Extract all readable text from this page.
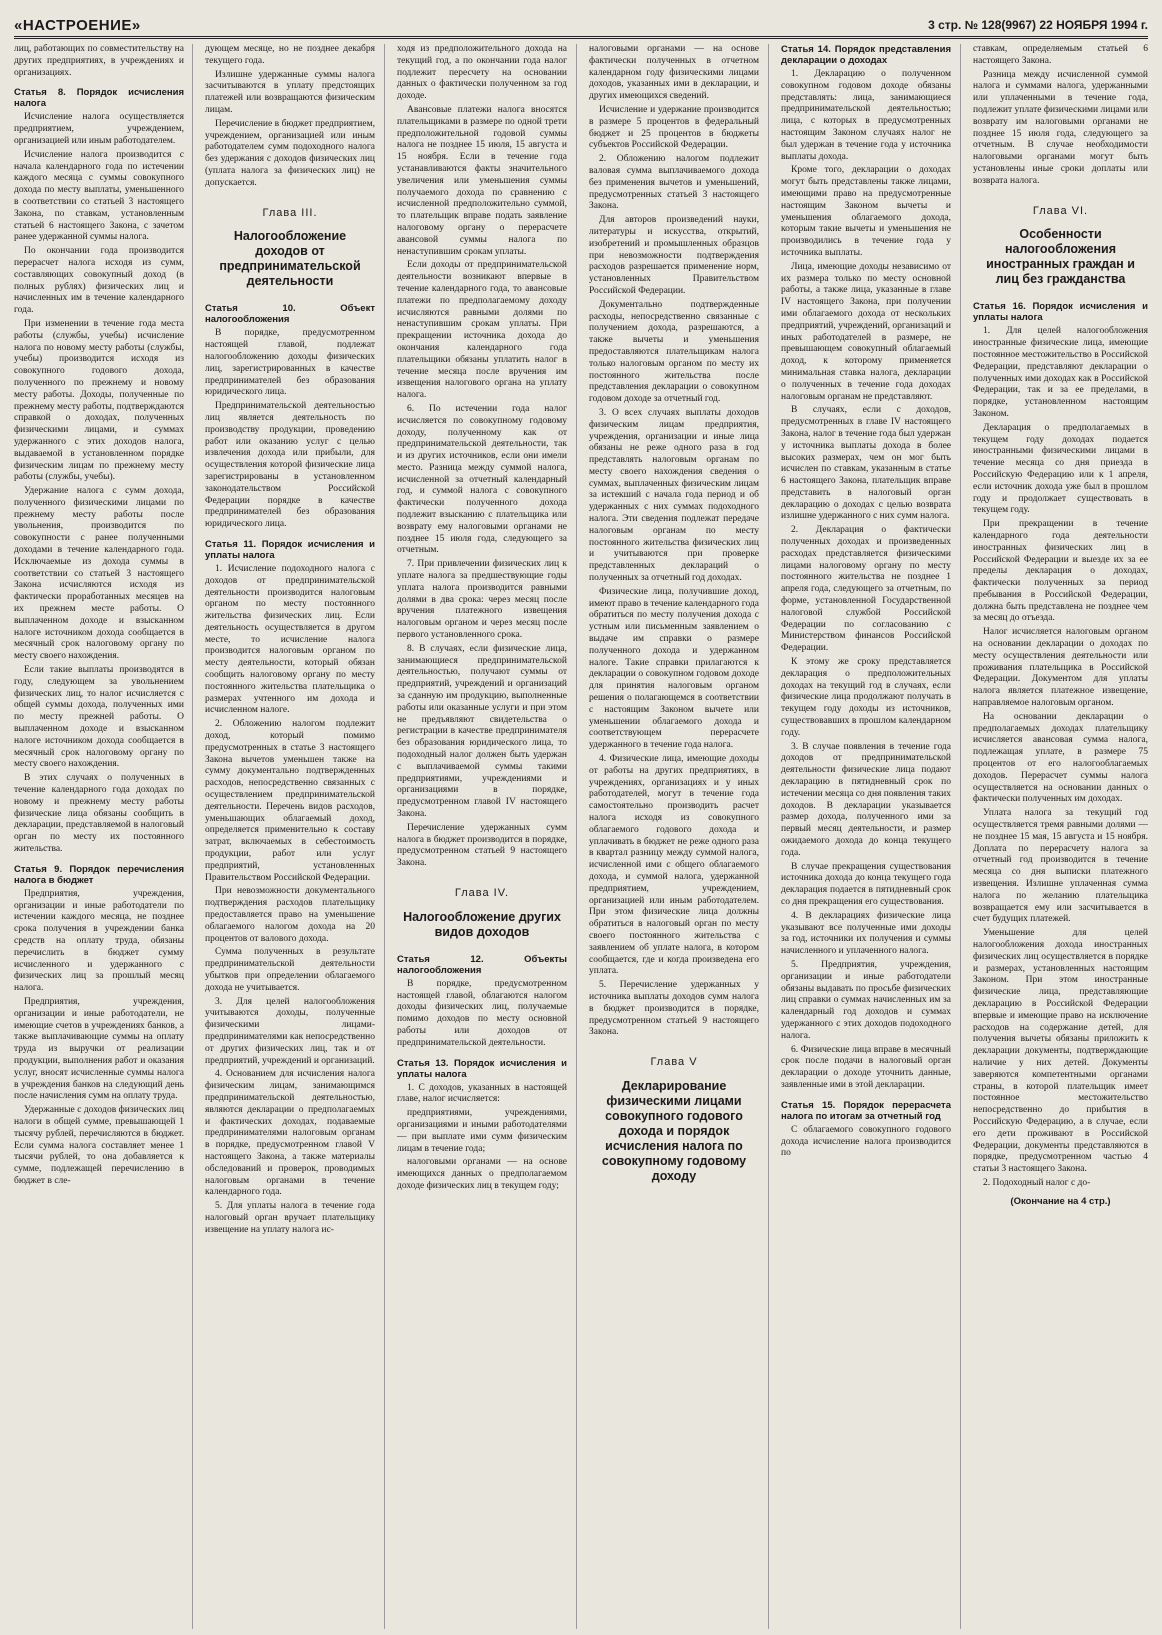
«НАСТРОЕНИЕ»	3 стр. № 128(9967) 22 НОЯБРЯ 1994 г.

лиц, работающих по совместительству на других предприятиях, в учреждениях и организациях.

Статья 8. Порядок исчисления налога

Исчисление налога осуществляется предприятием, учреждением, организацией или иным работодателем.

Исчисление налога производится с начала календарного года по истечении каждого месяца с суммы совокупного дохода по месту выплаты, уменьшенного в соответствии со статьей 3 настоящего Закона, по ставкам, установленным статьей 6 настоящего Закона, с зачетом ранее удержанной суммы налога.

По окончании года производится перерасчет налога исходя из сумм, составляющих совокупный доход (в полных рублях) физических лиц и начисленных им в течение календарного года.

При изменении в течение года места работы (службы, учебы) исчисление налога по новому месту работы (службы, учебы) производится исходя из совокупного годового дохода, полученного по прежнему и новому месту работы. Доходы, полученные по прежнему месту работы, подтверждаются справкой о доходах, полученных физическими лицами, и суммах удержанного с этих доходов налога, выдаваемой в установленном порядке физическим лицам по прежнему месту работы (службы, учебы).

Удержание налога с сумм дохода, полученного физическими лицами по прежнему месту работы после увольнения, производится по совокупности с ранее полученными доходами в течение календарного года. Исключаемые из дохода суммы в соответствии со статьей 3 настоящего Закона исчисляются исходя из фактически проработанных месяцев на их прежнем месте работы. О выплаченном доходе и взысканном налоге источником дохода сообщается в месячный срок налоговому органу по месту своего нахождения.

Если такие выплаты производятся в году, следующем за увольнением физических лиц, то налог исчисляется с общей суммы дохода, полученных ими по месту прежней работы. О выплаченном доходе и взысканном налоге источником дохода сообщается в месячный срок налоговому органу по месту своего нахождения.

В этих случаях о полученных в течение календарного года доходах по новому и прежнему месту работы физические лица обязаны сообщить в декларации, представляемой в налоговый орган по месту их постоянного жительства.

Статья 9. Порядок перечисления налога в бюджет

Предприятия, учреждения, организации и иные работодатели по истечении каждого месяца, не позднее срока получения в учреждении банка средств на оплату труда, обязаны перечислить в бюджет сумму исчисленного и удержанного с физических лиц за прошлый месяц налога.

Предприятия, учреждения, организации и иные работодатели, не имеющие счетов в учреждениях банков, а также выплачивающие суммы на оплату труда из выручки от реализации продукции, выполнения работ и оказания услуг, вносят исчисленные суммы налога в учреждения банков на следующий день после начисления сумм на оплату труда.

Удержанные с доходов физических лиц налоги в общей сумме, превышающей 1 тысячу рублей, перечисляются в бюджет. Если сумма налога составляет менее 1 тысячи рублей, то она добавляется к сумме, подлежащей перечислению в бюджет в сле-

дующем месяце, но не позднее декабря текущего года.

Излишне удержанные суммы налога засчитываются в уплату предстоящих платежей или возвращаются физическим лицам.

Перечисление в бюджет предприятием, учреждением, организацией или иным работодателем сумм подоходного налога без удержания с доходов физических лиц (уплата налога за физических лиц) не допускается.

Глава III.
Налогообложение доходов от предпринимательской деятельности
Статья 10. Объект налогообложения

В порядке, предусмотренном настоящей главой, подлежат налогообложению доходы физических лиц, зарегистрированных в качестве предпринимателей без образования юридического лица.

Предпринимательской деятельностью лиц является деятельность по производству продукции, проведению работ или оказанию услуг с целью извлечения дохода или прибыли, для осуществления которой физические лица зарегистрированы в установленном законодательством Российской Федерации порядке в качестве предпринимателей без образования юридического лица.

Статья 11. Порядок исчисления и уплаты налога

1. Исчисление подоходного налога с доходов от предпринимательской деятельности производится налоговым органом по месту постоянного жительства физических лиц. Если деятельность осуществляется в другом месте, то исчисление налога производится налоговым органом по месту деятельности, который обязан сообщить налоговому органу по месту постоянного жительства плательщика о размерах учтенного им дохода и исчисленном налоге.

2. Обложению налогом подлежит доход, который помимо предусмотренных в статье 3 настоящего Закона вычетов уменьшен также на сумму документально подтвержденных расходов, непосредственно связанных с осуществлением предпринимательской деятельности. Перечень видов расходов, уменьшающих облагаемый доход, определяется применительно к составу затрат, включаемых в себестоимость продукции, работ или услуг предприятий, установленных Правительством Российской Федерации.

При невозможности документального подтверждения расходов плательщику предоставляется право на уменьшение облагаемого налогом дохода на 20 процентов от валового дохода.

Сумма полученных в результате предпринимательской деятельности убытков при определении облагаемого дохода не учитывается.

3. Для целей налогообложения учитываются доходы, полученные физическими лицами-предпринимателями как непосредственно от других физических лиц, так и от предприятий, учреждений и организаций.

4. Основанием для исчисления налога физическим лицам, занимающимся предпринимательской деятельностью, являются декларации о предполагаемых и фактических доходах, подаваемые предпринимателями налоговым органам в порядке, предусмотренном главой V настоящего Закона, а также материалы обследований и проверок, проводимых налоговым органами в течение календарного года.

5. Для уплаты налога в течение года налоговый орган вручает плательщику извещение на уплату налога ис-

ходя из предположительного дохода на текущий год, а по окончании года налог подлежит пересчету на основании данных о фактически полученном за год доходе.

Авансовые платежи налога вносятся плательщиками в размере по одной трети предположительной годовой суммы налога не позднее 15 июля, 15 августа и 15 ноября. Если в течение года устанавливаются факты значительного увеличения или уменьшения суммы получаемого дохода по сравнению с исчисленной предположительно суммой, то плательщик вправе подать заявление налоговому органу о перерасчете авансовой суммы налога по ненаступившим срокам уплаты.

Если доходы от предпринимательской деятельности возникают впервые в течение календарного года, то авансовые платежи по предполагаемому доходу исчисляются равными долями по ненаступившим срокам уплаты. При прекращении источника дохода до окончания календарного года плательщики обязаны уплатить налог в течение месяца после вручения им извещения налогового органа на уплату налога.

6. По истечении года налог исчисляется по совокупному годовому доходу, полученному как от предпринимательской деятельности, так и из других источников, если они имели место. Разница между суммой налога, исчисленной за отчетный календарный год, и суммой налога с совокупного фактически полученного дохода подлежит взысканию с плательщика или возврату ему налоговыми органами не позднее 15 июля года, следующего за отчетным.

7. При привлечении физических лиц к уплате налога за предшествующие годы уплата налога производится равными долями в два срока: через месяц после вручения платежного извещения налоговым органом и через месяц после первого установленного срока.

8. В случаях, если физические лица, занимающиеся предпринимательской деятельностью, получают суммы от предприятий, учреждений и организаций за сданную им продукцию, выполненные работы или оказанные услуги и при этом не предъявляют свидетельства о регистрации в качестве предпринимателя без образования юридического лица, то подоходный налог должен быть удержан с выплачиваемой суммы такими предприятиями, учреждениями и организациями в порядке, предусмотренном главой IV настоящего Закона.

Перечисление удержанных сумм налога в бюджет производится в порядке, предусмотренном статьей 9 настоящего Закона.

Глава IV.
Налогообложение других видов доходов
Статья 12. Объекты налогообложения

В порядке, предусмотренном настоящей главой, облагаются налогом доходы физических лиц, получаемые помимо доходов по месту основной работы или доходов от предпринимательской деятельности.

Статья 13. Порядок исчисления и уплаты налога

1. С доходов, указанных в настоящей главе, налог исчисляется:

предприятиями, учреждениями, организациями и иными работодателями — при выплате ими сумм физическим лицам в течение года;

налоговыми органами — на основе имеющихся данных о предполагаемом доходе физических лиц в текущем году;

налоговыми органами — на основе фактически полученных в отчетном календарном году физическими лицами доходов, указанных ими в декларации, и других имеющихся сведений.

Исчисление и удержание производится в размере 5 процентов в федеральный бюджет и 25 процентов в бюджеты субъектов Российской Федерации.

2. Обложению налогом подлежит валовая сумма выплачиваемого дохода без применения вычетов и уменьшений, предусмотренных статьей 3 настоящего Закона.

Для авторов произведений науки, литературы и искусства, открытий, изобретений и промышленных образцов при невозможности подтверждения расходов разрешается применение норм, установленных Правительством Российской Федерации.

Документально подтвержденные расходы, непосредственно связанные с получением дохода, разрешаются, а также вычеты и уменьшения предоставляются плательщикам налога только налоговым органом по месту их постоянного жительства после представления декларации о совокупном годовом доходе за отчетный год.

3. О всех случаях выплаты доходов физическим лицам предприятия, учреждения, организации и иные лица обязаны не реже одного раза в год представлять налоговым органам по месту своего нахождения сведения о суммах, выплаченных физическим лицам за истекший с начала года период и об удержанных с них суммах подоходного налога. Эти сведения подлежат передаче налоговым органам по месту постоянного жительства физических лиц и учитываются при проверке представленных деклараций о полученных за отчетный год доходах.

Физические лица, получившие доход, имеют право в течение календарного года обратиться по месту получения дохода с устным или письменным заявлением о выдаче им справки о размере полученного дохода и удержанном налоге. Такие справки прилагаются к декларации о совокупном годовом доходе для принятия налоговым органом решения о полагающемся в соответствии с настоящим Законом вычете или уменьшении облагаемого дохода и соответствующем перерасчете удержанного в течение года налога.

4. Физические лица, имеющие доходы от работы на других предприятиях, в учреждениях, организациях и у иных работодателей, могут в течение года самостоятельно производить расчет налога исходя из совокупного облагаемого годового дохода и уплачивать в бюджет не реже одного раза в квартал разницу между суммой налога, исчисленной ими с общего облагаемого дохода, и суммой налога, удержанной предприятием, учреждением, организацией или иным работодателем. При этом физические лица должны обратиться в налоговый орган по месту своего постоянного жительства с заявлением об уплате налога, в котором сообщается, где и когда произведена его уплата.

5. Перечисление удержанных у источника выплаты доходов сумм налога в бюджет производится в порядке, предусмотренном статьей 9 настоящего Закона.

Глава V
Декларирование физическими лицами совокупного годового дохода и порядок исчисления налога по совокупному годовому доходу
Статья 14. Порядок представления декларации о доходах

1. Декларацию о полученном совокупном годовом доходе обязаны представлять: лица, занимающиеся предпринимательской деятельностью; лица, с которых в предусмотренных настоящим Законом случаях налог не был удержан в течение года у источника выплаты дохода.

Кроме того, декларации о доходах могут быть представлены также лицами, имеющими право на предусмотренные настоящим Законом вычеты и уменьшения облагаемого дохода, которым такие вычеты и уменьшения не производились в течение года у источника выплаты.

Лица, имеющие доходы независимо от их размера только по месту основной работы, а также лица, указанные в главе IV настоящего Закона, при получении ими облагаемого дохода от нескольких предприятий, учреждений, организаций и иных работодателей в размере, не превышающем совокупный облагаемый доход, к которому применяется минимальная ставка налога, декларации о полученных в течение года доходах налоговым органам не представляют.

В случаях, если с доходов, предусмотренных в главе IV настоящего Закона, налог в течение года был удержан у источника выплаты дохода в более высоких размерах, чем он мог быть исчислен по ставкам, указанным в статье 6 настоящего Закона, плательщик вправе представить в налоговый орган декларацию о доходах с целью возврата излишне удержанного с них сумм налога.

2. Декларация о фактически полученных доходах и произведенных расходах представляется физическими лицами налоговому органу по месту постоянного жительства не позднее 1 апреля года, следующего за отчетным, по форме, установленной Государственной налоговой службой Российской Федерации по согласованию с Министерством финансов Российской Федерации.

К этому же сроку представляется декларация о предположительных доходах на текущий год в случаях, если физические лица продолжают получать в текущем году доходы из источников, существовавших в прошлом календарном году.

3. В случае появления в течение года доходов от предпринимательской деятельности физические лица подают декларацию в пятидневный срок по истечении месяца со дня появления таких доходов. В декларации указывается размер дохода, полученного ими за первый месяц деятельности, и размер ожидаемого дохода до конца текущего года.

В случае прекращения существования источника дохода до конца текущего года декларация подается в пятидневный срок со дня прекращения его существования.

4. В декларациях физические лица указывают все полученные ими доходы за год, источники их получения и суммы начисленного и уплаченного налога.

5. Предприятия, учреждения, организации и иные работодатели обязаны выдавать по просьбе физических лиц справки о суммах начисленных им за календарный год доходов и суммах удержанного с этих доходов подоходного налога.

6. Физические лица вправе в месячный срок после подачи в налоговый орган декларации о доходе уточнить данные, заявленные ими в этой декларации.

Статья 15. Порядок перерасчета налога по итогам за отчетный год

С облагаемого совокупного годового дохода исчисление налога производится по

ставкам, определяемым статьей 6 настоящего Закона.

Разница между исчисленной суммой налога и суммами налога, удержанными или уплаченными в течение года, подлежит уплате физическими лицами или возврату им налоговыми органами не позднее 15 июля года, следующего за отчетным. В случае необходимости налоговыми органами могут быть установлены иные сроки доплаты или возврата налога.

Глава VI.
Особенности налогообложения иностранных граждан и лиц без гражданства
Статья 16. Порядок исчисления и уплаты налога

1. Для целей налогообложения иностранные физические лица, имеющие постоянное местожительство в Российской Федерации, представляют декларации о полученных ими доходах как в Российской Федерации, так и за ее пределами, в порядке, установленном настоящим Законом.

Декларация о предполагаемых в текущем году доходах подается иностранными физическими лицами в течение месяца со дня приезда в Российскую Федерацию или к 1 апреля, если источник дохода уже был в прошлом году и продолжает существовать в текущем году.

При прекращении в течение календарного года деятельности иностранных физических лиц в Российской Федерации и выезде их за ее пределы декларация о доходах, фактически полученных за период пребывания в Российской Федерации, должна быть представлена не позднее чем за месяц до отъезда.

Налог исчисляется налоговым органом на основании декларации о доходах по месту осуществления деятельности или проживания плательщика в Российской Федерации. Документом для уплаты налога является платежное извещение, направляемое налоговым органом.

На основании декларации о предполагаемых доходах плательщику исчисляется авансовая сумма налога, подлежащая уплате, в размере 75 процентов от его налогооблагаемых доходов. Перерасчет суммы налога осуществляется на основании данных о фактически полученных им доходах.

Уплата налога за текущий год осуществляется тремя равными долями — не позднее 15 мая, 15 августа и 15 ноября. Доплата по перерасчету налога за отчетный год производится в течение месяца со дня выписки платежного извещения. Излишне уплаченная сумма налога по желанию плательщика возвращается ему или засчитывается в счет будущих платежей.

Уменьшение для целей налогообложения дохода иностранных физических лиц осуществляется в порядке и размерах, установленных настоящим Законом. При этом иностранные физические лица, представляющие декларацию в Российской Федерации впервые и имеющие право на исключение расходов на содержание детей, для получения вычеты обязаны приложить к декларации документы, подтверждающие наличие у них детей. Документы заверяются компетентными органами страны, в которой плательщик имеет постоянное местожительство непосредственно до прибытия в Российскую Федерацию, а в случае, если его дети проживают в Российской Федерации, документы представляются в порядке, предусмотренном частью 4 статьи 3 настоящего Закона.

2. Подоходный налог с до-

(Окончание на 4 стр.)
